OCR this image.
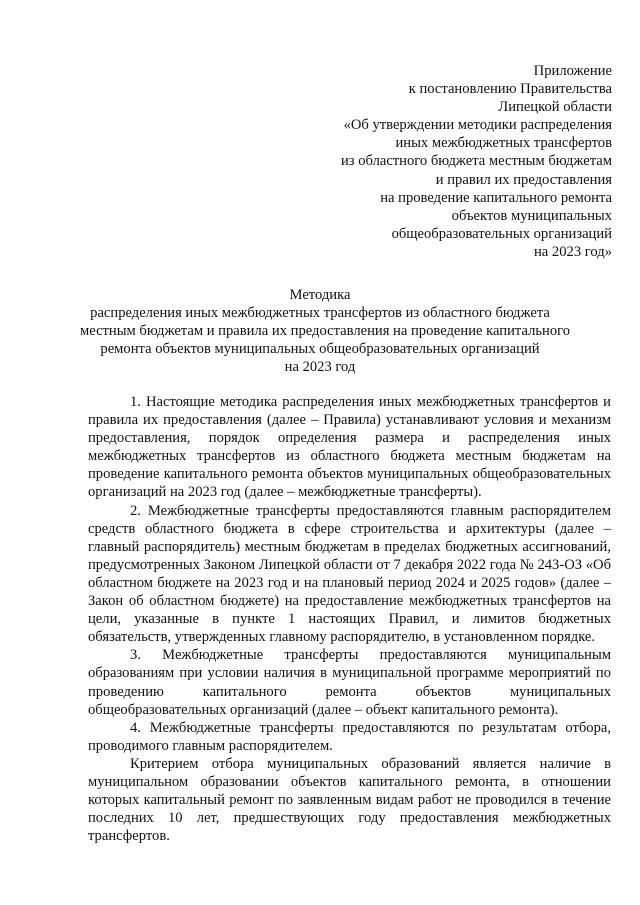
Приложение
к постановлению Правительства
Липецкой области
«Об утверждении методики распределения
иных межбюджетных трансфертов
из областного бюджета местным бюджетам
и правил их предоставления
на проведение капитального ремонта
объектов муниципальных
общеобразовательных организаций
на 2023 год»
Методика
распределения иных межбюджетных трансфертов из областного бюджета
местным бюджетам и правила их предоставления на проведение капитального
ремонта объектов муниципальных общеобразовательных организаций
на 2023 год

1. Настоящие методика распределения иных межбюджетных трансфертов и правила их предоставления (далее – Правила) устанавливают условия и механизм предоставления, порядок определения размера и распределения иных межбюджетных трансфертов из областного бюджета местным бюджетам на проведение капитального ремонта объектов муниципальных общеобразовательных организаций на 2023 год (далее – межбюджетные трансферты).

2. Межбюджетные трансферты предоставляются главным распорядителем средств областного бюджета в сфере строительства и архитектуры (далее – главный распорядитель) местным бюджетам в пределах бюджетных ассигнований, предусмотренных Законом Липецкой области от 7 декабря 2022 года № 243-ОЗ «Об областном бюджете на 2023 год и на плановый период 2024 и 2025 годов» (далее – Закон об областном бюджете) на предоставление межбюджетных трансфертов на цели, указанные в пункте 1 настоящих Правил, и лимитов бюджетных обязательств, утвержденных главному распорядителю, в установленном порядке.

3. Межбюджетные трансферты предоставляются муниципальным образованиям при условии наличия в муниципальной программе мероприятий по проведению капитального ремонта объектов муниципальных общеобразовательных организаций (далее – объект капитального ремонта).

4. Межбюджетные трансферты предоставляются по результатам отбора, проводимого главным распорядителем.

Критерием отбора муниципальных образований является наличие в муниципальном образовании объектов капитального ремонта, в отношении которых капитальный ремонт по заявленным видам работ не проводился в течение последних 10 лет, предшествующих году предоставления межбюджетных трансфертов.
